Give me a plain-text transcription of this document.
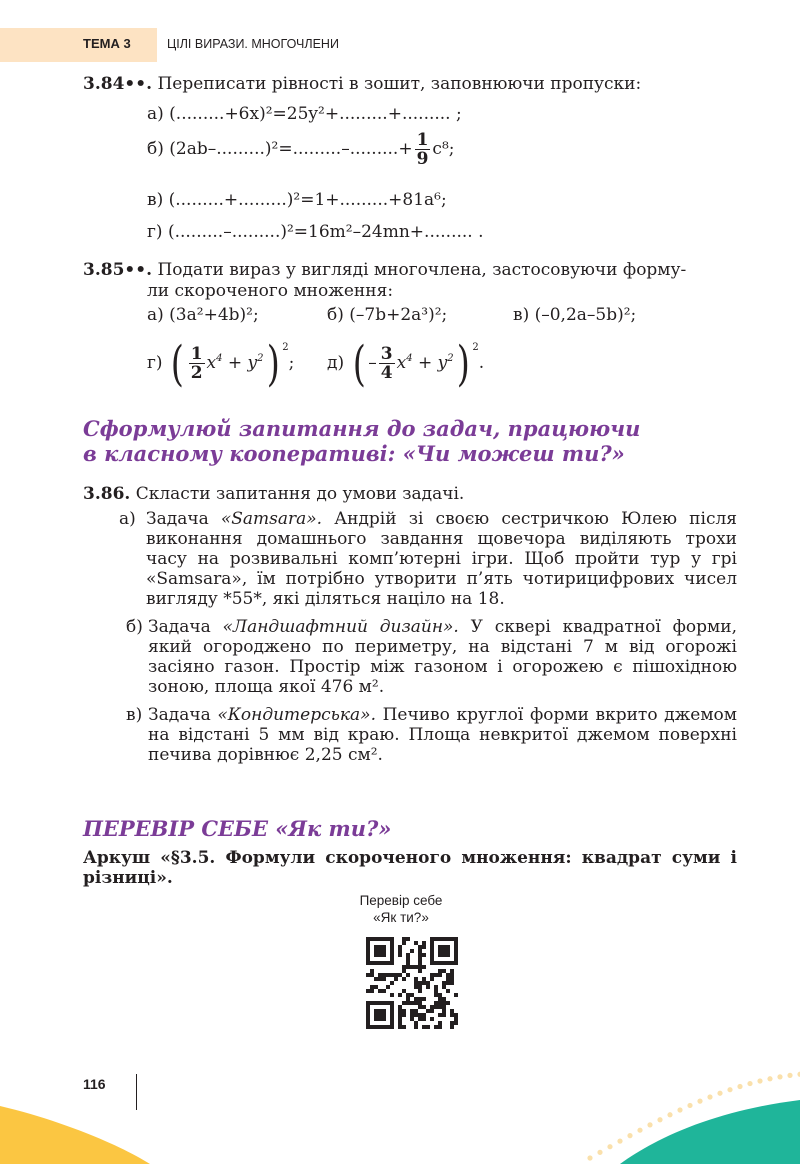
ТЕМА 3	ЦІЛІ ВИРАЗИ. МНОГОЧЛЕНИ
3.84••. Переписати рівності в зошит, заповнюючи пропуски:
а) (.........+6x)²=25y²+.........+......... ;
б) $(2ab-.........)^2=.........-.........+ \frac{1}{9} c^8$;
в) (.........+.........)²=1+.........+81a⁶;
г) (.........–.........)²=16m²–24mn+......... .
3.85••. Подати вираз у вигляді многочлена, застосовуючи форму-
ли скороченого множення:
а) (3a²+4b)²;	б) (–7b+2a³)²;	в) (–0,2a–5b)²;
г) ( $\frac{1}{2} x^4 + y^2$) $^2$; д) ( – $\frac{3}{4} x^4 + y^2$) $^2$.
Сформулюй запитання до задач, працюючи
в класному кооперативі: «Чи можеш ти?»
3.86. Скласти запитання до умови задачі.
а) Задача «Samsara». Андрій зі своєю сестричкою Юлею після виконання домашнього завдання щовечора виділяють трохи часу на розвивальні комп’ютерні ігри. Щоб пройти тур у грі «Samsara», їм потрібно утворити п’ять чотирицифрових чисел вигляду *55*, які діляться націло на 18.
б) Задача «Ландшафтний дизайн». У сквері квадратної форми, який огороджено по периметру, на відстані 7 м від огорожі засіяно газон. Простір між газоном і огорожею є пішохідною зоною, площа якої 476 м².
в) Задача «Кондитерська». Печиво круглої форми вкрито джемом на відстані 5 мм від краю. Площа невкритої джемом поверхні печива дорівнює 2,25 см².
ПЕРЕВІР СЕБЕ «Як ти?»
Аркуш «§3.5. Формули скороченого множення: квадрат суми і різниці».
Перевір себе
«Як ти?»
116
